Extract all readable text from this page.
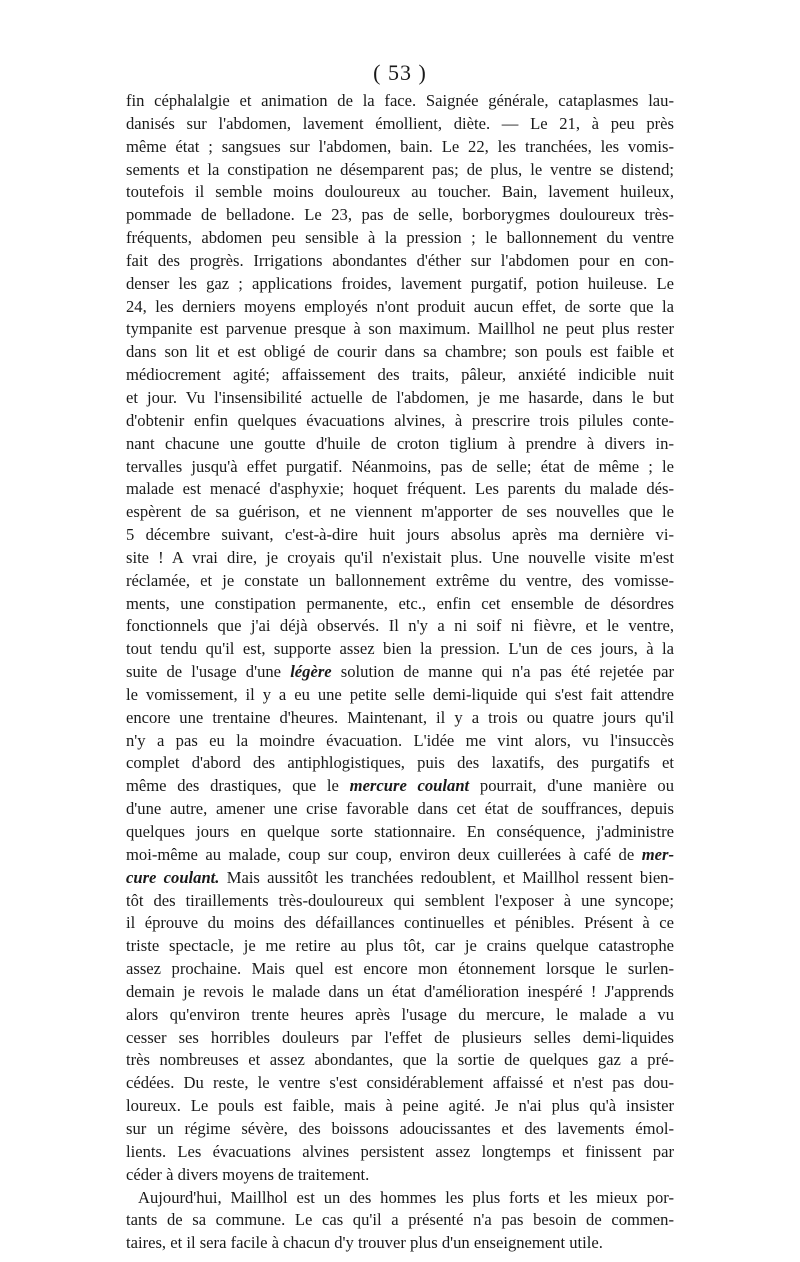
( 53 )
fin céphalalgie et animation de la face. Saignée générale, cataplasmes lau-
danisés sur l'abdomen, lavement émollient, diète. — Le 21, à peu près
même état ; sangsues sur l'abdomen, bain. Le 22, les tranchées, les vomis-
sements et la constipation ne désemparent pas; de plus, le ventre se distend;
toutefois il semble moins douloureux au toucher. Bain, lavement huileux,
pommade de belladone. Le 23, pas de selle, borborygmes douloureux très-
fréquents, abdomen peu sensible à la pression ; le ballonnement du ventre
fait des progrès. Irrigations abondantes d'éther sur l'abdomen pour en con-
denser les gaz ; applications froides, lavement purgatif, potion huileuse. Le
24, les derniers moyens employés n'ont produit aucun effet, de sorte que la
tympanite est parvenue presque à son maximum. Maillhol ne peut plus rester
dans son lit et est obligé de courir dans sa chambre; son pouls est faible et
médiocrement agité; affaissement des traits, pâleur, anxiété indicible nuit
et jour. Vu l'insensibilité actuelle de l'abdomen, je me hasarde, dans le but
d'obtenir enfin quelques évacuations alvines, à prescrire trois pilules conte-
nant chacune une goutte d'huile de croton tiglium à prendre à divers in-
tervalles jusqu'à effet purgatif. Néanmoins, pas de selle; état de même ; le
malade est menacé d'asphyxie; hoquet fréquent. Les parents du malade dés-
espèrent de sa guérison, et ne viennent m'apporter de ses nouvelles que le
5 décembre suivant, c'est-à-dire huit jours absolus après ma dernière vi-
site ! A vrai dire, je croyais qu'il n'existait plus. Une nouvelle visite m'est
réclamée, et je constate un ballonnement extrême du ventre, des vomisse-
ments, une constipation permanente, etc., enfin cet ensemble de désordres
fonctionnels que j'ai déjà observés. Il n'y a ni soif ni fièvre, et le ventre,
tout tendu qu'il est, supporte assez bien la pression. L'un de ces jours, à la
suite de l'usage d'une légère solution de manne qui n'a pas été rejetée par
le vomissement, il y a eu une petite selle demi-liquide qui s'est fait attendre
encore une trentaine d'heures. Maintenant, il y a trois ou quatre jours qu'il
n'y a pas eu la moindre évacuation. L'idée me vint alors, vu l'insuccès
complet d'abord des antiphlogistiques, puis des laxatifs, des purgatifs et
même des drastiques, que le mercure coulant pourrait, d'une manière ou
d'une autre, amener une crise favorable dans cet état de souffrances, depuis
quelques jours en quelque sorte stationnaire. En conséquence, j'administre
moi-même au malade, coup sur coup, environ deux cuillerées à café de mer-
cure coulant. Mais aussitôt les tranchées redoublent, et Maillhol ressent bien-
tôt des tiraillements très-douloureux qui semblent l'exposer à une syncope;
il éprouve du moins des défaillances continuelles et pénibles. Présent à ce
triste spectacle, je me retire au plus tôt, car je crains quelque catastrophe
assez prochaine. Mais quel est encore mon étonnement lorsque le surlen-
demain je revois le malade dans un état d'amélioration inespéré ! J'apprends
alors qu'environ trente heures après l'usage du mercure, le malade a vu
cesser ses horribles douleurs par l'effet de plusieurs selles demi-liquides
très nombreuses et assez abondantes, que la sortie de quelques gaz a pré-
cédées. Du reste, le ventre s'est considérablement affaissé et n'est pas dou-
loureux. Le pouls est faible, mais à peine agité. Je n'ai plus qu'à insister
sur un régime sévère, des boissons adoucissantes et des lavements émol-
lients. Les évacuations alvines persistent assez longtemps et finissent par
céder à divers moyens de traitement.
Aujourd'hui, Maillhol est un des hommes les plus forts et les mieux por-
tants de sa commune. Le cas qu'il a présenté n'a pas besoin de commen-
taires, et il sera facile à chacun d'y trouver plus d'un enseignement utile.
